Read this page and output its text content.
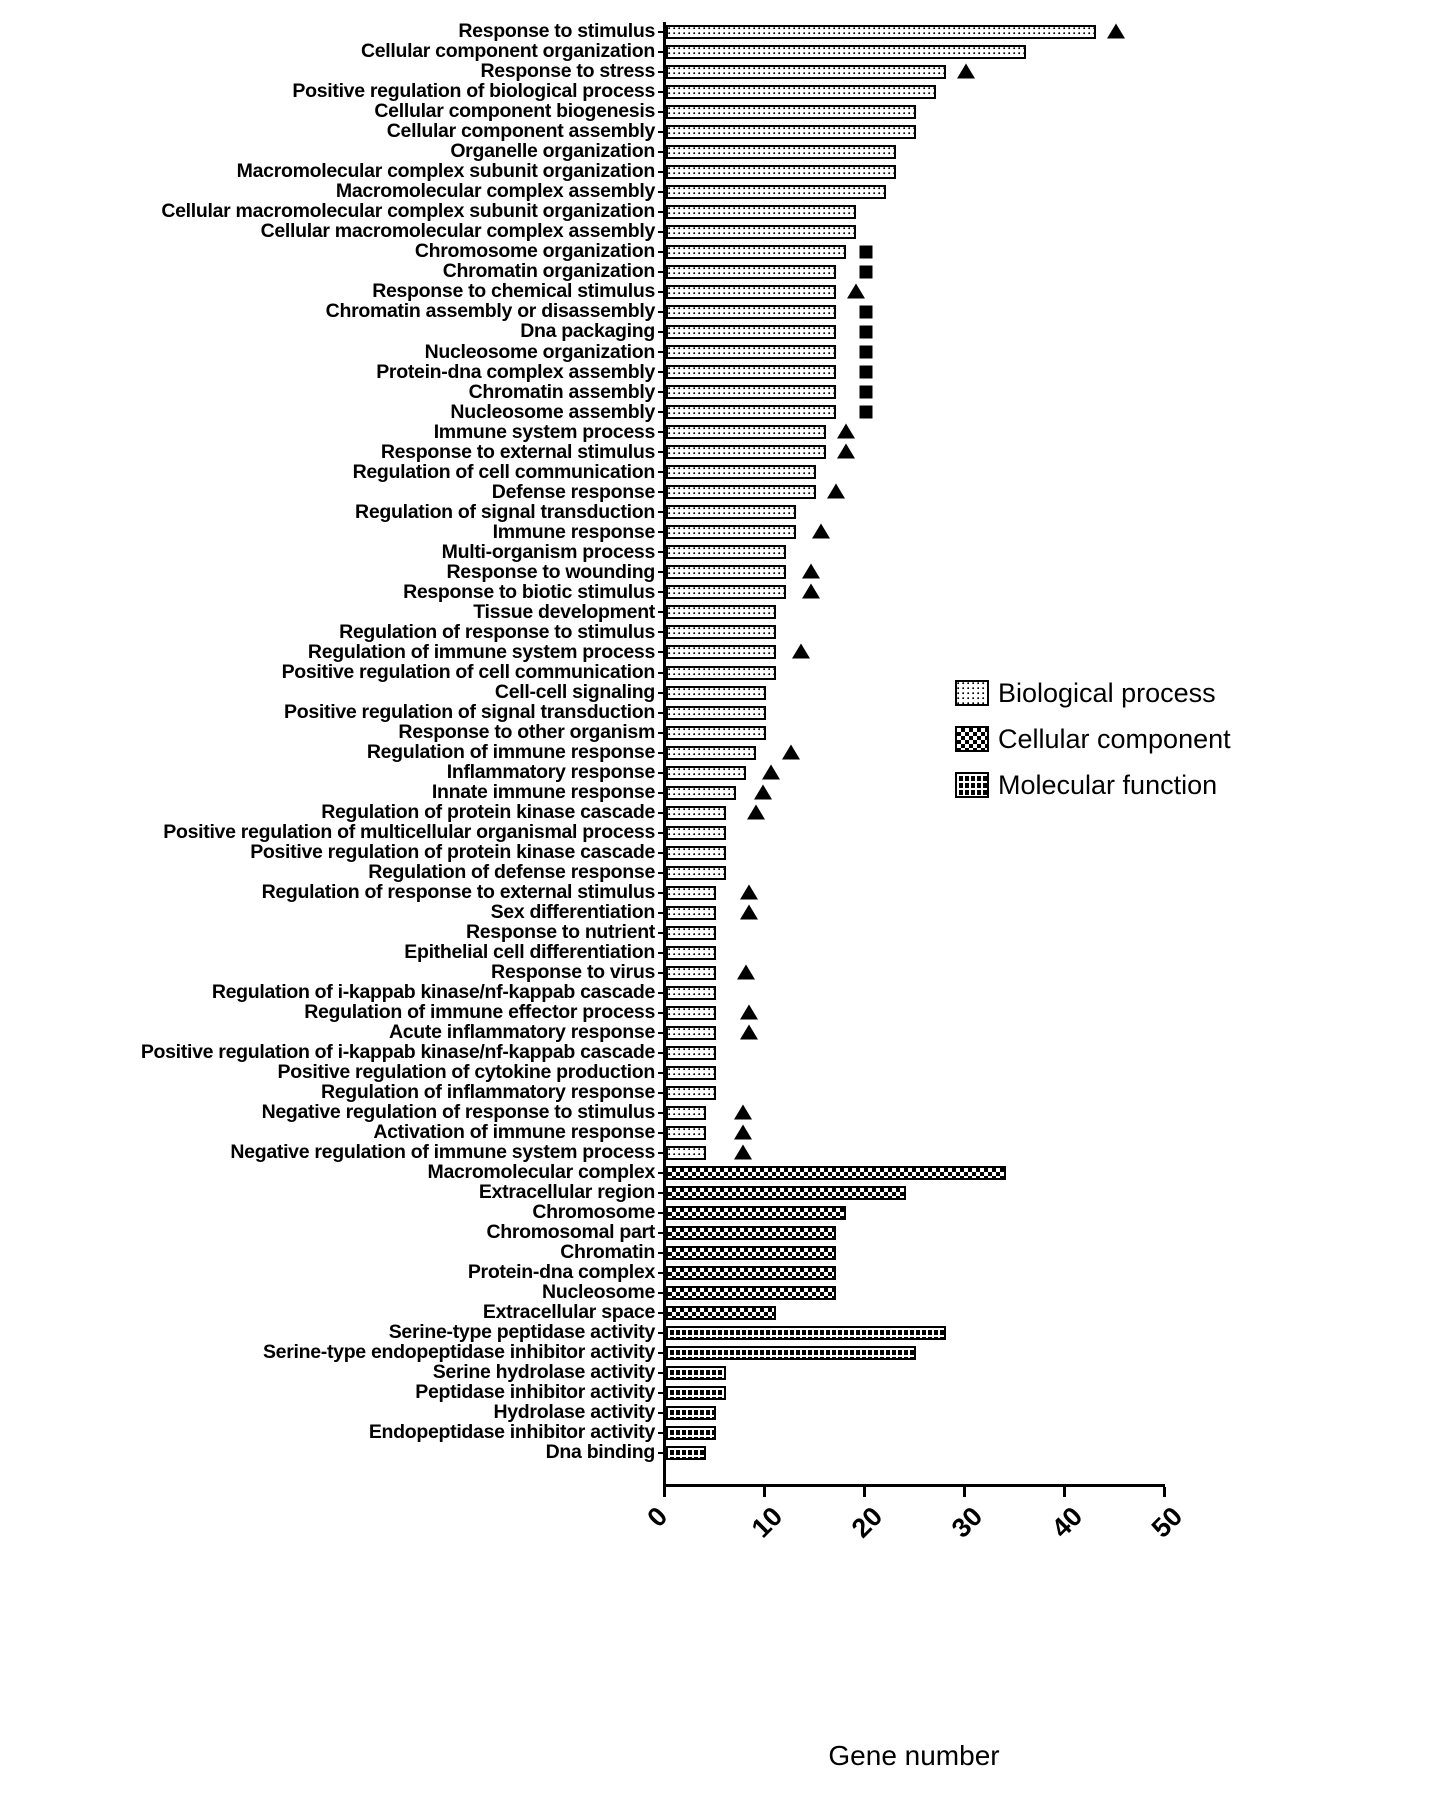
Response to stimulus
Cellular component organization
Response to stress
Positive regulation of biological process
Cellular component biogenesis
Cellular component assembly
Organelle organization
Macromolecular complex subunit organization
Macromolecular complex assembly
Cellular macromolecular complex subunit organization
Cellular macromolecular complex assembly
Chromosome organization
Chromatin organization
Response to chemical stimulus
Chromatin assembly or disassembly
Dna packaging
Nucleosome organization
Protein-dna complex assembly
Chromatin assembly
Nucleosome assembly
Immune system process
Response to external stimulus
Regulation of cell communication
Defense response
Regulation of signal transduction
Immune response
Multi-organism process
Response to wounding
Response to biotic stimulus
Tissue development
Regulation of response to stimulus
Regulation of immune system process
Positive regulation of cell communication
Cell-cell signaling
Positive regulation of signal transduction
Response to other organism
Regulation of immune response
Inflammatory response
Innate immune response
Regulation of protein kinase cascade
Positive regulation of multicellular organismal process
Positive regulation of protein kinase cascade
Regulation of defense response
Regulation of response to external stimulus
Sex differentiation
Response to nutrient
Epithelial cell differentiation
Response to virus
Regulation of i-kappab kinase/nf-kappab cascade
Regulation of immune effector process
Acute inflammatory response
Positive regulation of i-kappab kinase/nf-kappab cascade
Positive regulation of cytokine production
Regulation of inflammatory response
Negative regulation of response to stimulus
Activation of immune response
Negative regulation of immune system process
Macromolecular complex
Extracellular region
Chromosome
Chromosomal part
Chromatin
Protein-dna complex
Nucleosome
Extracellular space
Serine-type peptidase activity
Serine-type endopeptidase inhibitor activity
Serine hydrolase activity
Peptidase inhibitor activity
Hydrolase activity
Endopeptidase inhibitor activity
Dna binding
0	10 20 30 40 50
Gene number
Biological process
Cellular component
Molecular function
